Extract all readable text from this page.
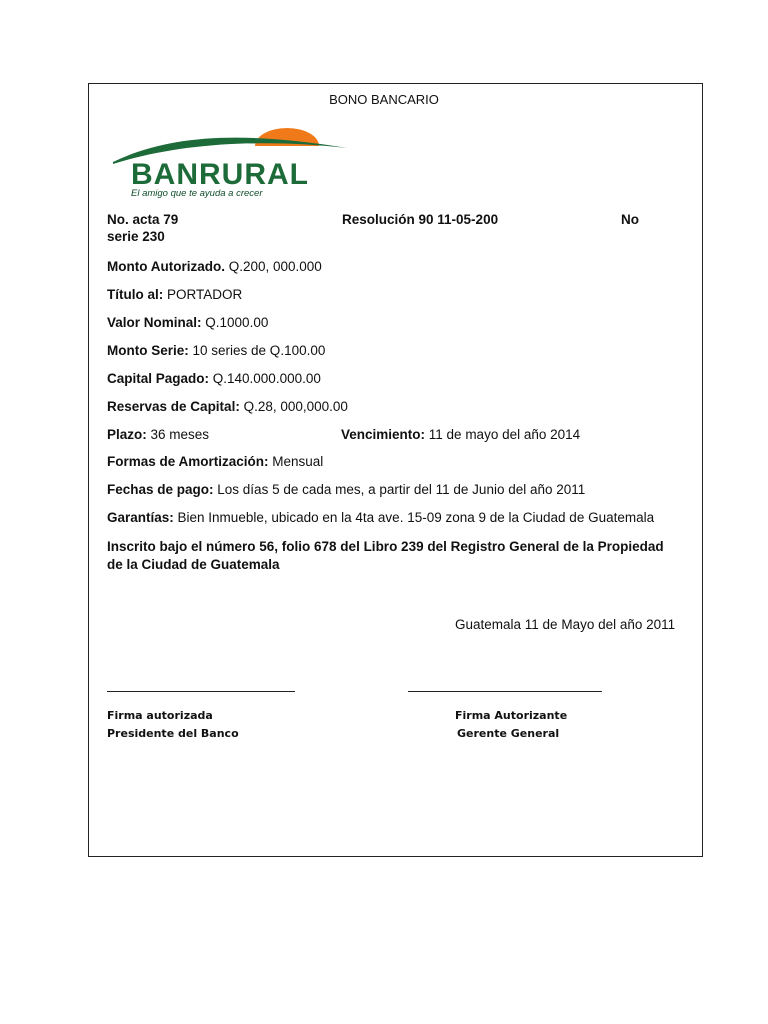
BONO BANCARIO
BANRURAL
El amigo que te ayuda a crecer
No. acta 79	Resolución 90 11-05-200	No
serie 230
Monto Autorizado. Q.200, 000.000
Título al: PORTADOR
Valor Nominal: Q.1000.00
Monto Serie: 10 series de Q.100.00
Capital Pagado: Q.140.000.000.00
Reservas de Capital: Q.28, 000,000.00
Plazo: 36 meses	Vencimiento: 11 de mayo del año 2014
Formas de Amortización: Mensual
Fechas de pago: Los días 5 de cada mes, a partir del 11 de Junio del año 2011
Garantías: Bien Inmueble, ubicado en la 4ta ave. 15-09 zona 9 de la Ciudad de Guatemala
Inscrito bajo el número 56, folio 678 del Libro 239 del Registro General de la Propiedad de la Ciudad de Guatemala
Guatemala 11 de Mayo del año 2011
Firma autorizada
Presidente del Banco
Firma Autorizante
Gerente General
